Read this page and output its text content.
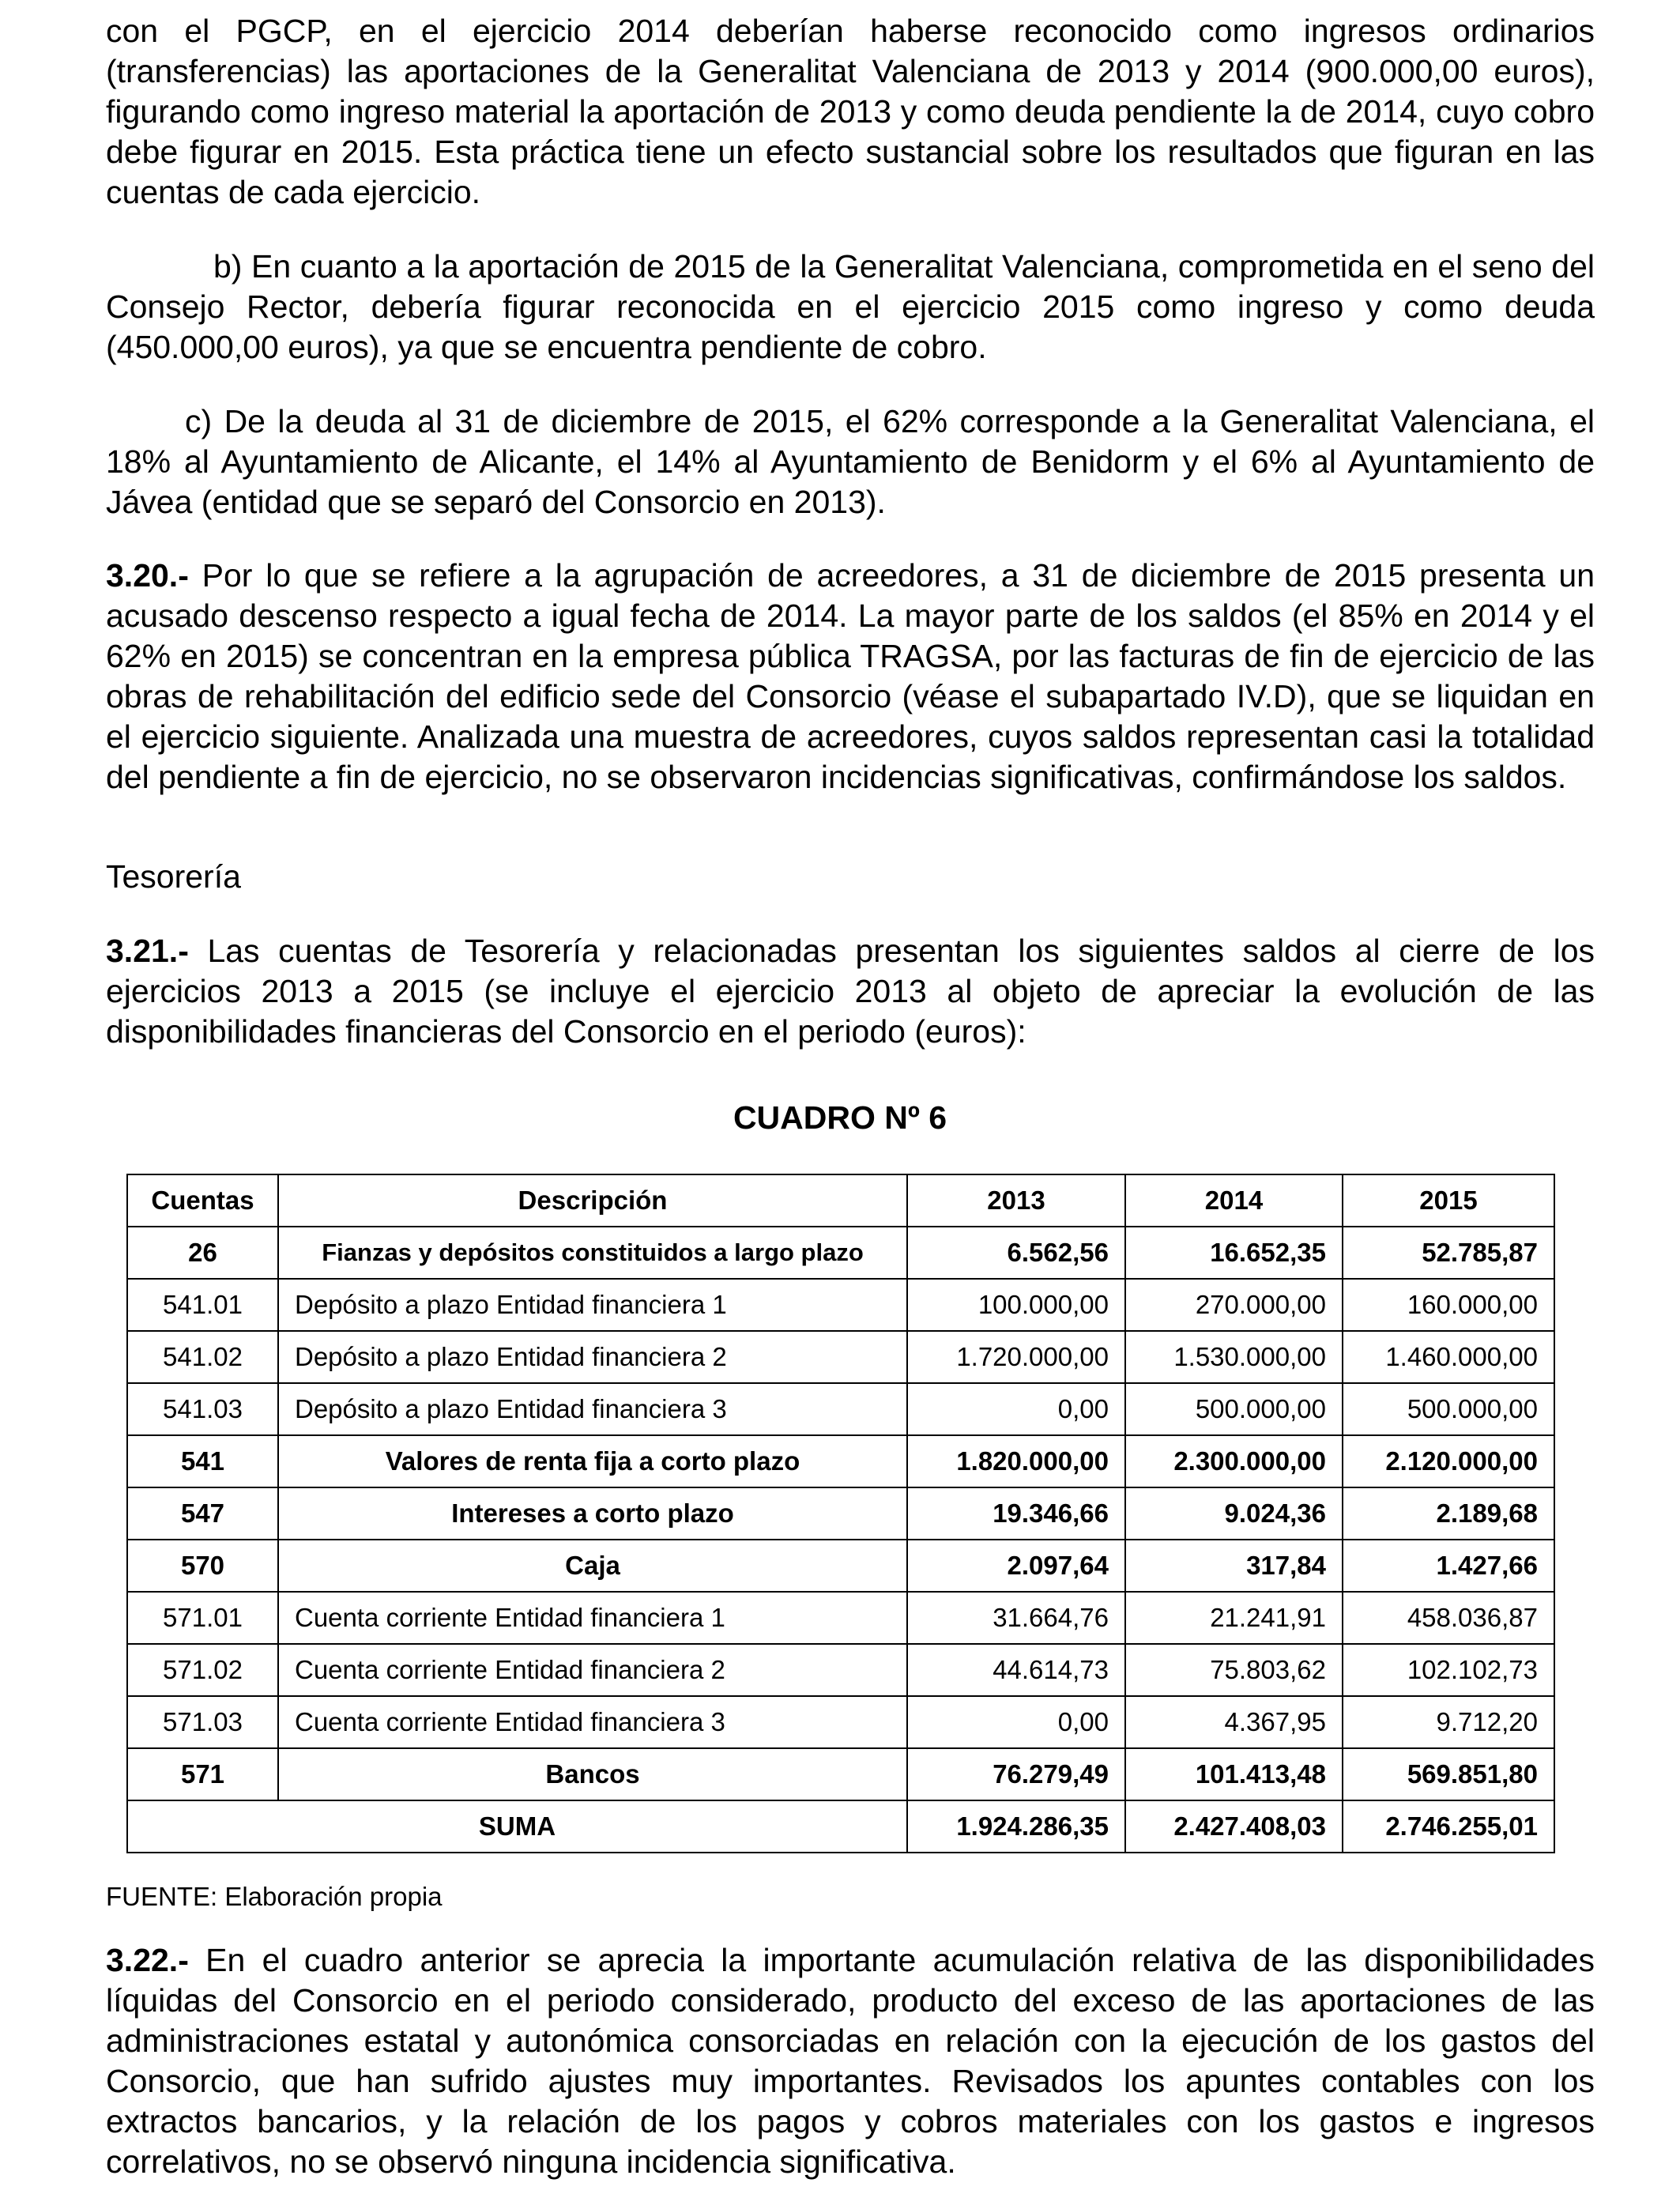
con el PGCP, en el ejercicio 2014 deberían haberse reconocido como ingresos ordinarios (transferencias) las aportaciones de la Generalitat Valenciana de 2013 y 2014 (900.000,00 euros), figurando como ingreso material la aportación de 2013 y como deuda pendiente la de 2014, cuyo cobro debe figurar en 2015. Esta práctica tiene un efecto sustancial sobre los resultados que figuran en las cuentas de cada ejercicio.

b) En cuanto a la aportación de 2015 de la Generalitat Valenciana, comprometida en el seno del Consejo Rector, debería figurar reconocida en el ejercicio 2015 como ingreso y como deuda (450.000,00 euros), ya que se encuentra pendiente de cobro.

c) De la deuda al 31 de diciembre de 2015, el 62% corresponde a la Generalitat Valenciana, el 18% al Ayuntamiento de Alicante, el 14% al Ayuntamiento de Benidorm y el 6% al Ayuntamiento de Jávea (entidad que se separó del Consorcio en 2013).

3.20.- Por lo que se refiere a la agrupación de acreedores, a 31 de diciembre de 2015 presenta un acusado descenso respecto a igual fecha de 2014. La mayor parte de los saldos (el 85% en 2014 y el 62% en 2015) se concentran en la empresa pública TRAGSA, por las facturas de fin de ejercicio de las obras de rehabilitación del edificio sede del Consorcio (véase el subapartado IV.D), que se liquidan en el ejercicio siguiente. Analizada una muestra de acreedores, cuyos saldos representan casi la totalidad del pendiente a fin de ejercicio, no se observaron incidencias significativas, confirmándose los saldos.

Tesorería

3.21.- Las cuentas de Tesorería y relacionadas presentan los siguientes saldos al cierre de los ejercicios 2013 a 2015 (se incluye el ejercicio 2013 al objeto de apreciar la evolución de las disponibilidades financieras del Consorcio en el periodo (euros):

CUADRO Nº 6
Cuentas	Descripción	2013	2014	2015
26	Fianzas y depósitos constituidos a largo plazo	6.562,56	16.652,35	52.785,87
541.01	Depósito a plazo Entidad financiera 1	100.000,00	270.000,00	160.000,00
541.02	Depósito a plazo Entidad financiera 2	1.720.000,00	1.530.000,00	1.460.000,00
541.03	Depósito a plazo Entidad financiera 3	0,00	500.000,00	500.000,00
541	Valores de renta fija a corto plazo	1.820.000,00	2.300.000,00	2.120.000,00
547	Intereses a corto plazo	19.346,66	9.024,36	2.189,68
570	Caja	2.097,64	317,84	1.427,66
571.01	Cuenta corriente Entidad financiera 1	31.664,76	21.241,91	458.036,87
571.02	Cuenta corriente Entidad financiera 2	44.614,73	75.803,62	102.102,73
571.03	Cuenta corriente Entidad financiera 3	0,00	4.367,95	9.712,20
571	Bancos	76.279,49	101.413,48	569.851,80
SUMA		1.924.286,35	2.427.408,03	2.746.255,01

FUENTE: Elaboración propia

3.22.- En el cuadro anterior se aprecia la importante acumulación relativa de las disponibilidades líquidas del Consorcio en el periodo considerado, producto del exceso de las aportaciones de las administraciones estatal y autonómica consorciadas en relación con la ejecución de los gastos del Consorcio, que han sufrido ajustes muy importantes. Revisados los apuntes contables con los extractos bancarios, y la relación de los pagos y cobros materiales con los gastos e ingresos correlativos, no se observó ninguna incidencia significativa.
